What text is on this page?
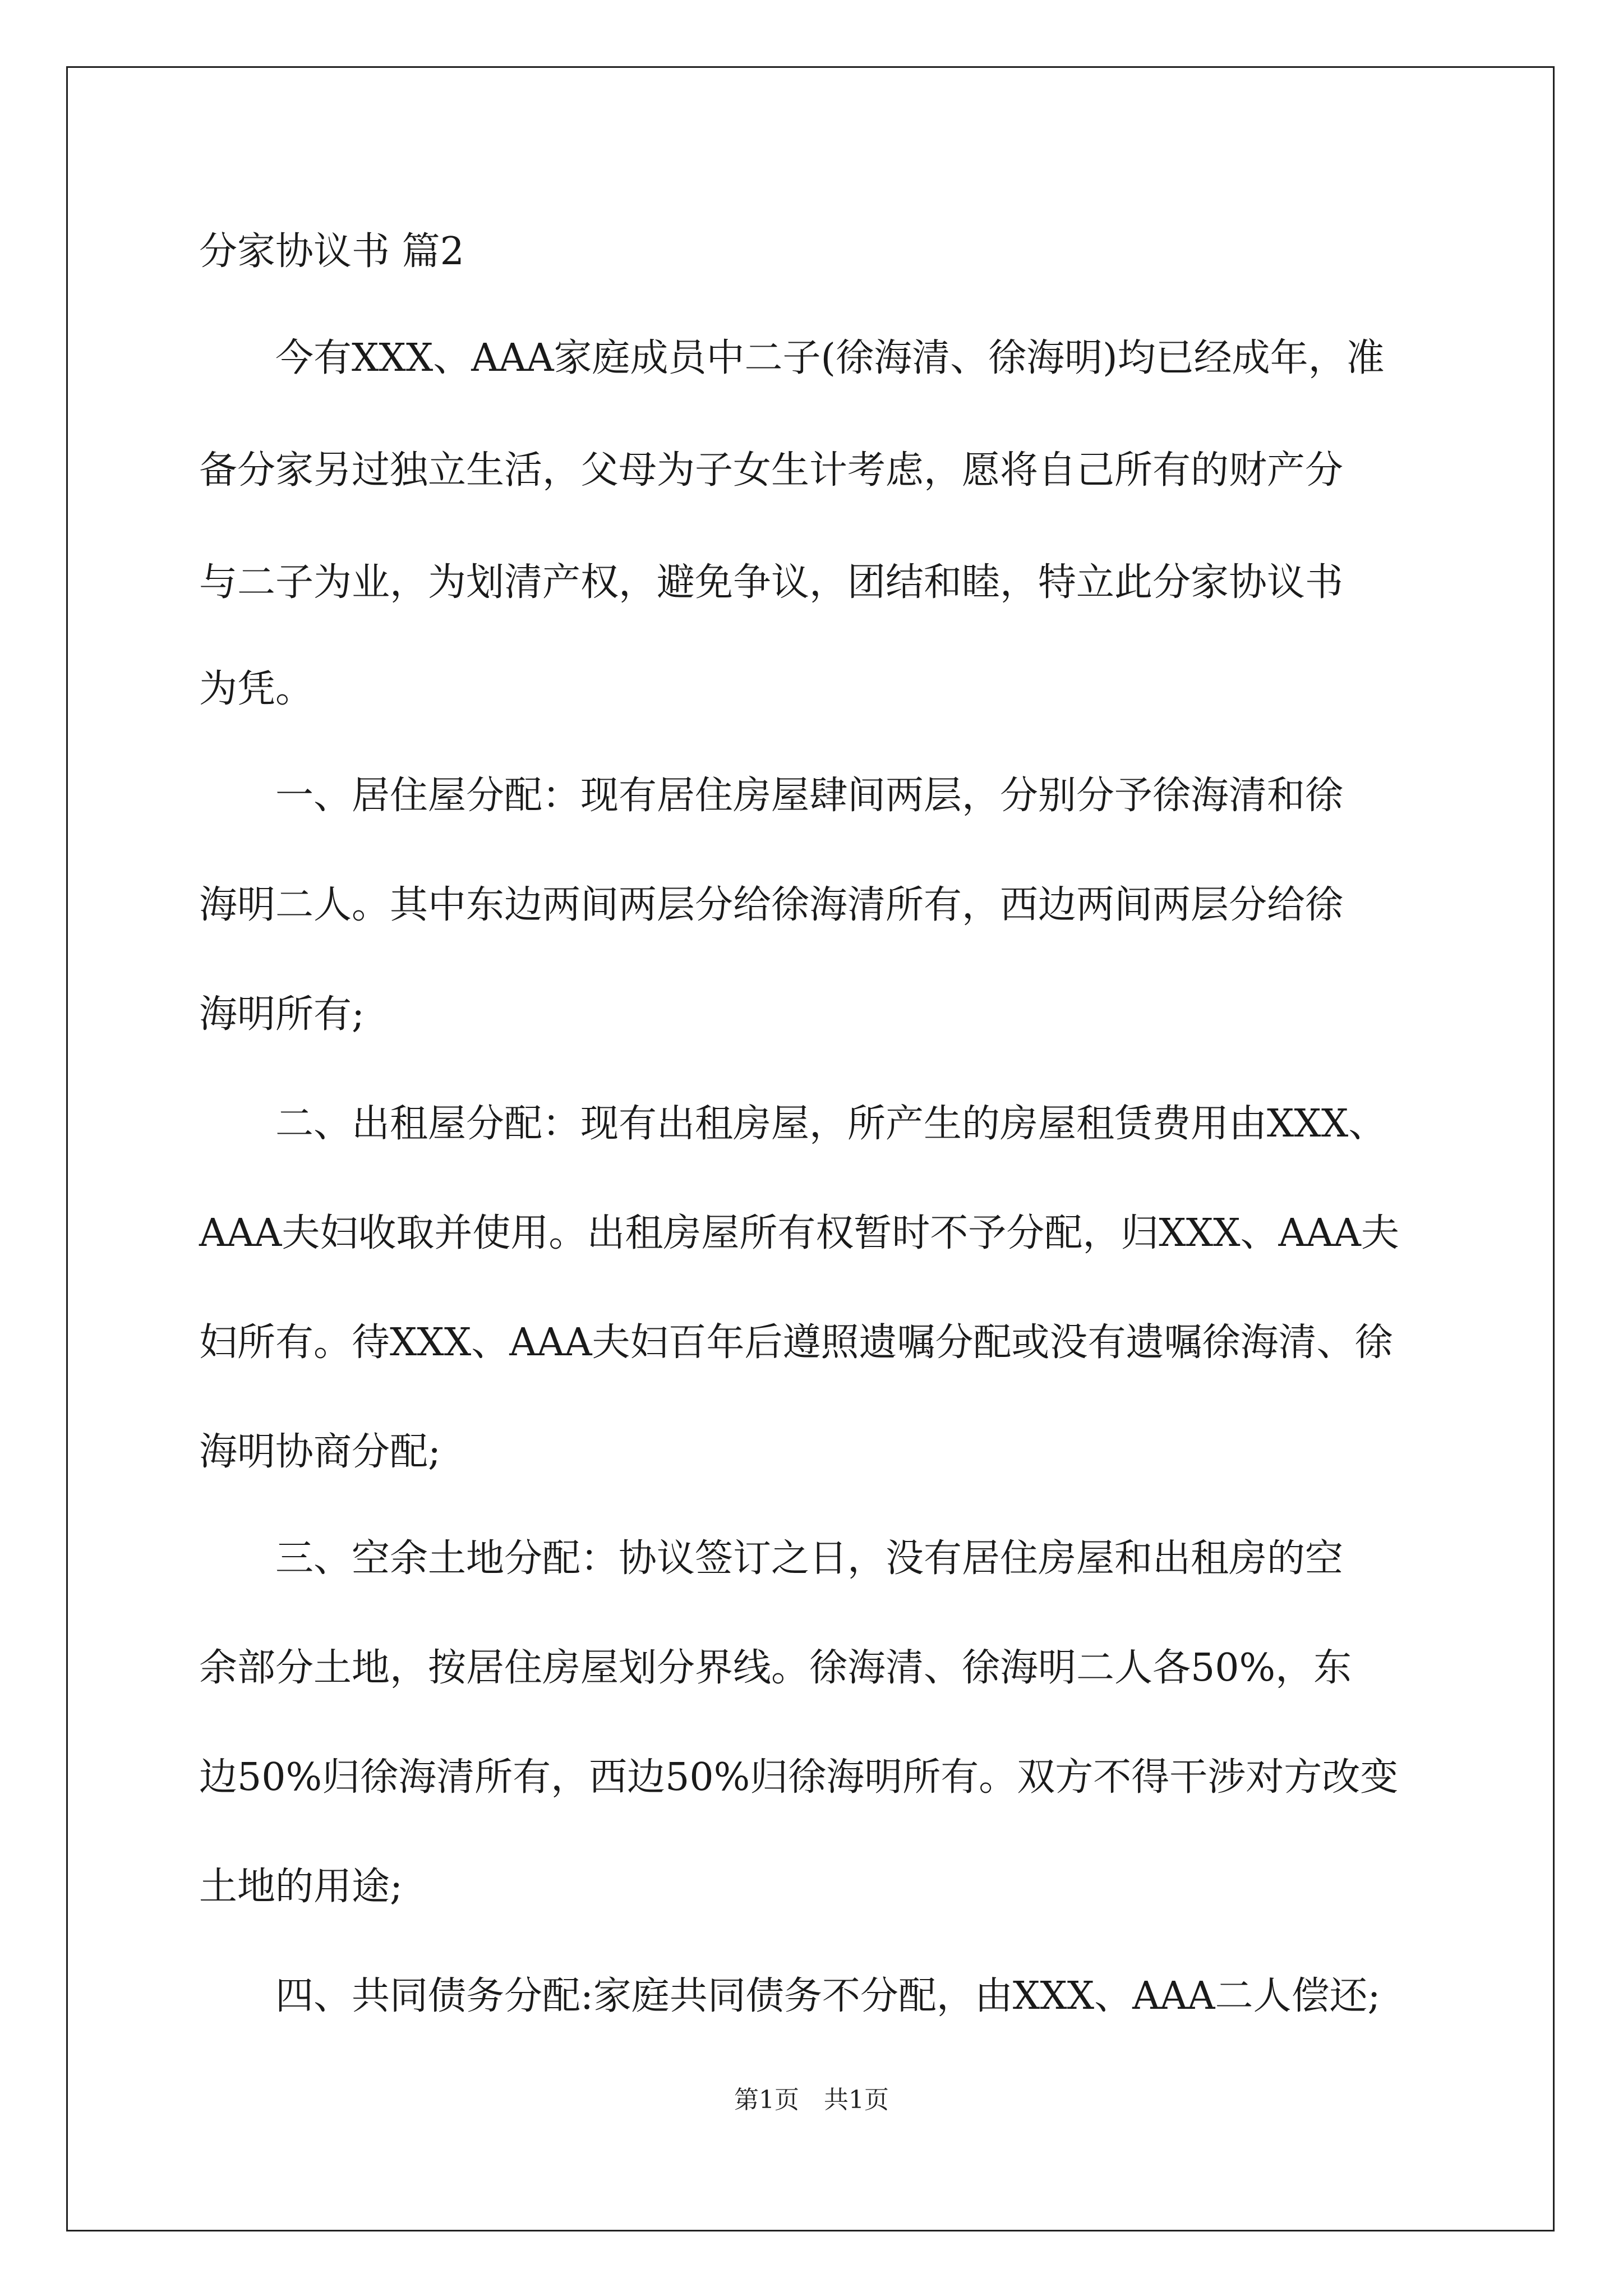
分家协议书 篇2
　　今有XXX、AAA家庭成员中二子(徐海清、徐海明)均已经成年，准
备分家另过独立生活，父母为子女生计考虑，愿将自己所有的财产分
与二子为业，为划清产权，避免争议，团结和睦，特立此分家协议书
为凭。
　　一、居住屋分配：现有居住房屋肆间两层，分别分予徐海清和徐
海明二人。其中东边两间两层分给徐海清所有，西边两间两层分给徐
海明所有;
　　二、出租屋分配：现有出租房屋，所产生的房屋租赁费用由XXX、
AAA夫妇收取并使用。出租房屋所有权暂时不予分配，归XXX、AAA夫
妇所有。待XXX、AAA夫妇百年后遵照遗嘱分配或没有遗嘱徐海清、徐
海明协商分配;
　　三、空余土地分配：协议签订之日，没有居住房屋和出租房的空
余部分土地，按居住房屋划分界线。徐海清、徐海明二人各50%，东
边50%归徐海清所有，西边50%归徐海明所有。双方不得干涉对方改变
土地的用途;
　　四、共同债务分配:家庭共同债务不分配，由XXX、AAA二人偿还;
第1页　共1页
